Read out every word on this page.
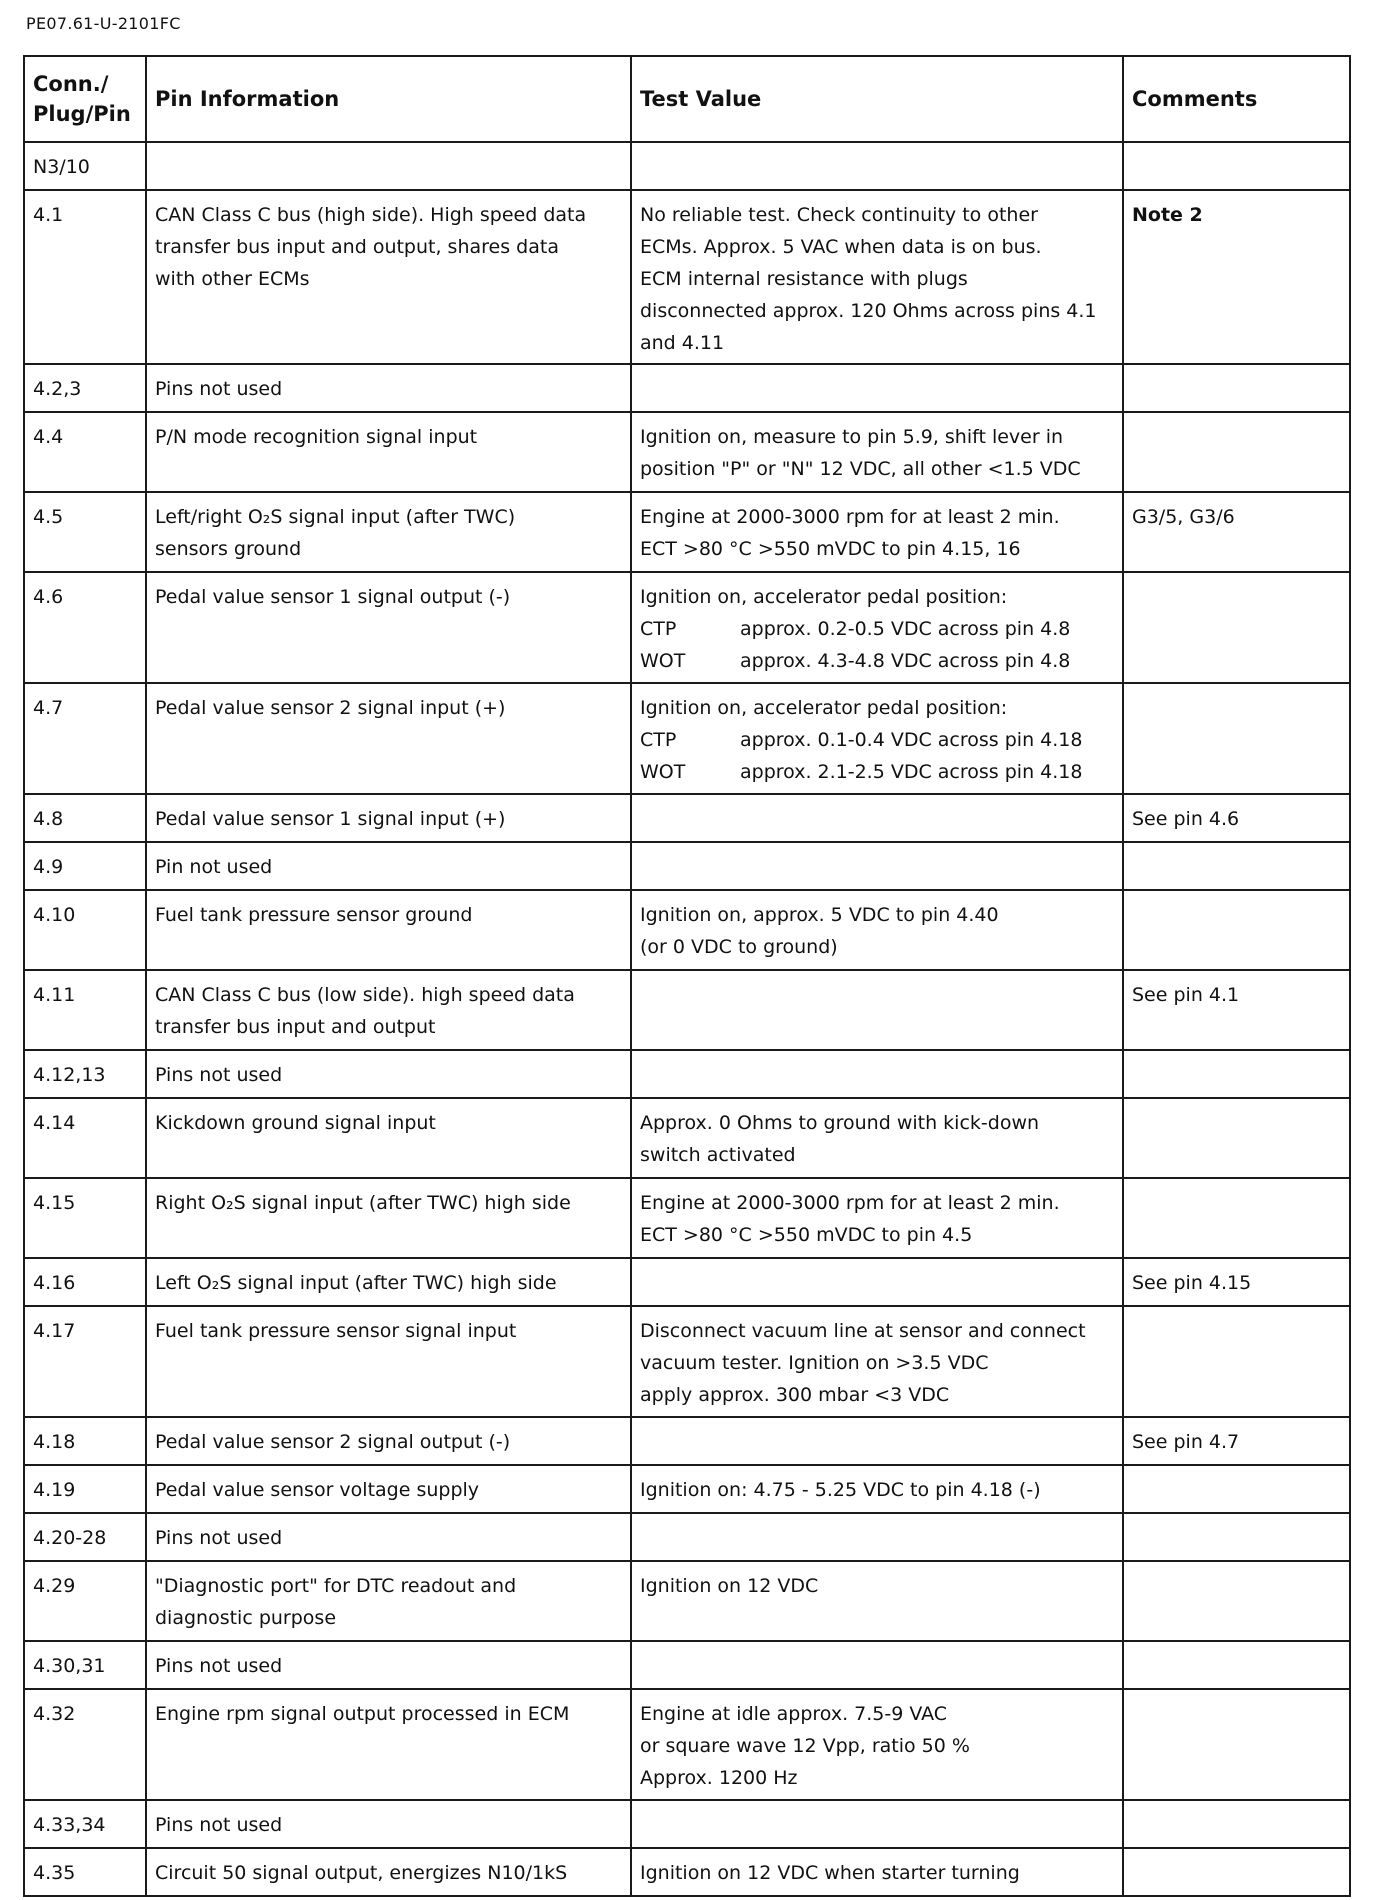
PE07.61-U-2101FC
Conn./ Plug/Pin	Pin Information	Test Value	Comments
N3/10			
4.1	CAN Class C bus (high side). High speed data
transfer bus input and output, shares data
with other ECMs	No reliable test. Check continuity to other
ECMs. Approx. 5 VAC when data is on bus.
ECM internal resistance with plugs
disconnected approx. 120 Ohms across pins 4.1
and 4.11	Note 2
4.2,3	Pins not used		

4.4	P/N mode recognition signal input	Ignition on, measure to pin 5.9, shift lever in
position "P" or "N" 12 VDC, all other <1.5 VDC	

4.5	Left/right O₂S signal input (after TWC)
sensors ground	Engine at 2000-3000 rpm for at least 2 min.
ECT >80 °C >550 mVDC to pin 4.15, 16	G3/5, G3/6
4.6	Pedal value sensor 1 signal output (-)	Ignition on, accelerator pedal position:
CTP approx. 0.2-0.5 VDC across pin 4.8
WOT approx. 4.3-4.8 VDC across pin 4.8	

4.7	Pedal value sensor 2 signal input (+)	Ignition on, accelerator pedal position:
CTP approx. 0.1-0.4 VDC across pin 4.18
WOT approx. 2.1-2.5 VDC across pin 4.18	

4.8	Pedal value sensor 1 signal input (+)		See pin 4.6
4.9	Pin not used		

4.10	Fuel tank pressure sensor ground	Ignition on, approx. 5 VDC to pin 4.40
(or 0 VDC to ground)	

4.11	CAN Class C bus (low side). high speed data
transfer bus input and output		See pin 4.1
4.12,13	Pins not used		

4.14	Kickdown ground signal input	Approx. 0 Ohms to ground with kick-down
switch activated	

4.15	Right O₂S signal input (after TWC) high side	Engine at 2000-3000 rpm for at least 2 min.
ECT >80 °C >550 mVDC to pin 4.5	

4.16	Left O₂S signal input (after TWC) high side		See pin 4.15
4.17	Fuel tank pressure sensor signal input	Disconnect vacuum line at sensor and connect
vacuum tester. Ignition on >3.5 VDC
apply approx. 300 mbar <3 VDC	

4.18	Pedal value sensor 2 signal output (-)		See pin 4.7
4.19	Pedal value sensor voltage supply	Ignition on: 4.75 - 5.25 VDC to pin 4.18 (-)	

4.20-28	Pins not used		

4.29	"Diagnostic port" for DTC readout and
diagnostic purpose	Ignition on 12 VDC	

4.30,31	Pins not used		

4.32	Engine rpm signal output processed in ECM	Engine at idle approx. 7.5-9 VAC
or square wave 12 Vpp, ratio 50 %
Approx. 1200 Hz	

4.33,34	Pins not used		

4.35	Circuit 50 signal output, energizes N10/1kS	Ignition on 12 VDC when starter turning	
